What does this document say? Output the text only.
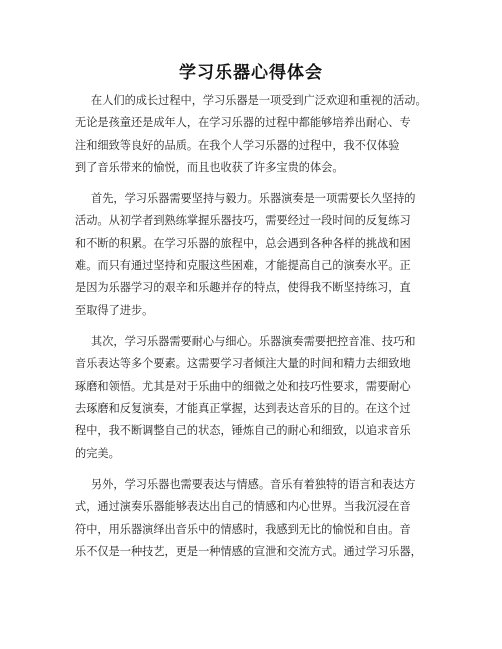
学习乐器心得体会
在人们的成长过程中，学习乐器是一项受到广泛欢迎和重视的活动。
无论是孩童还是成年人，在学习乐器的过程中都能够培养出耐心、专
注和细致等良好的品质。在我个人学习乐器的过程中，我不仅体验
到了音乐带来的愉悦，而且也收获了许多宝贵的体会。
首先，学习乐器需要坚持与毅力。乐器演奏是一项需要长久坚持的
活动。从初学者到熟练掌握乐器技巧，需要经过一段时间的反复练习
和不断的积累。在学习乐器的旅程中，总会遇到各种各样的挑战和困
难。而只有通过坚持和克服这些困难，才能提高自己的演奏水平。正
是因为乐器学习的艰辛和乐趣并存的特点，使得我不断坚持练习，直
至取得了进步。
其次，学习乐器需要耐心与细心。乐器演奏需要把控音准、技巧和
音乐表达等多个要素。这需要学习者倾注大量的时间和精力去细致地
琢磨和领悟。尤其是对于乐曲中的细微之处和技巧性要求，需要耐心
去琢磨和反复演奏，才能真正掌握，达到表达音乐的目的。在这个过
程中，我不断调整自己的状态，锤炼自己的耐心和细致，以追求音乐
的完美。
另外，学习乐器也需要表达与情感。音乐有着独特的语言和表达方
式，通过演奏乐器能够表达出自己的情感和内心世界。当我沉浸在音
符中，用乐器演绎出音乐中的情感时，我感到无比的愉悦和自由。音
乐不仅是一种技艺，更是一种情感的宣泄和交流方式。通过学习乐器，
